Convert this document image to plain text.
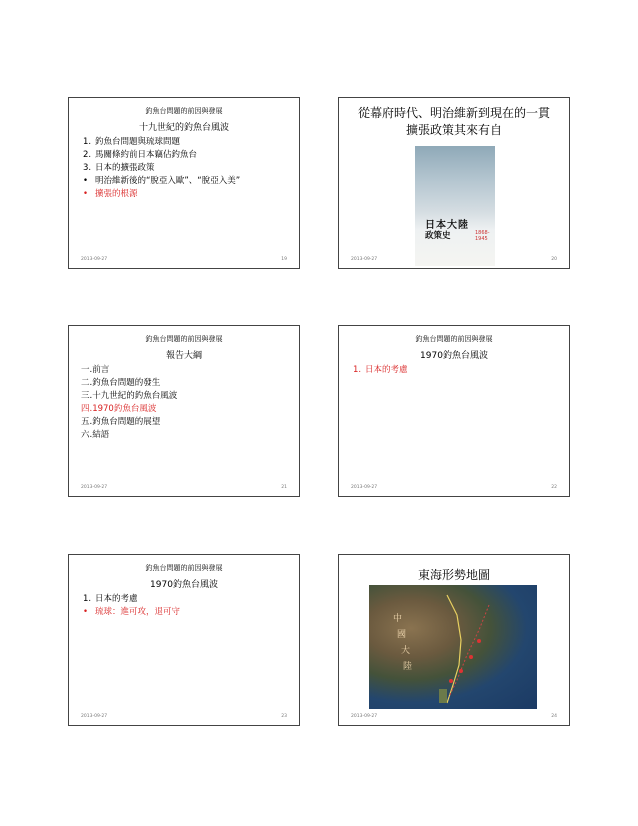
釣魚台問題的前因與發展
十九世紀的釣魚台風波
1. 釣魚台問題與琉球問題
2. 馬關條約前日本竊佔釣魚台
3. 日本的擴張政策
• 明治維新後的“脫亞入歐”、“脫亞入美”
• 擴張的根源
2013-09-27	19
從幕府時代、明治維新到現在的一貫
擴張政策其來有自
日本大陸
政策史	1868-1945
2013-09-27	20
釣魚台問題的前因與發展
報告大綱
一.前言
二.釣魚台問題的發生
三.十九世紀的釣魚台風波
四.1970釣魚台風波
五.釣魚台問題的展望
六.結語
2013-09-27	21
釣魚台問題的前因與發展
1970釣魚台風波
1. 日本的考慮
2013-09-27	22
釣魚台問題的前因與發展
1970釣魚台風波
1. 日本的考慮
• 琉球：進可攻，退可守
2013-09-27	23
東海形勢地圖
中
國
大
陸
2013-09-27	24
